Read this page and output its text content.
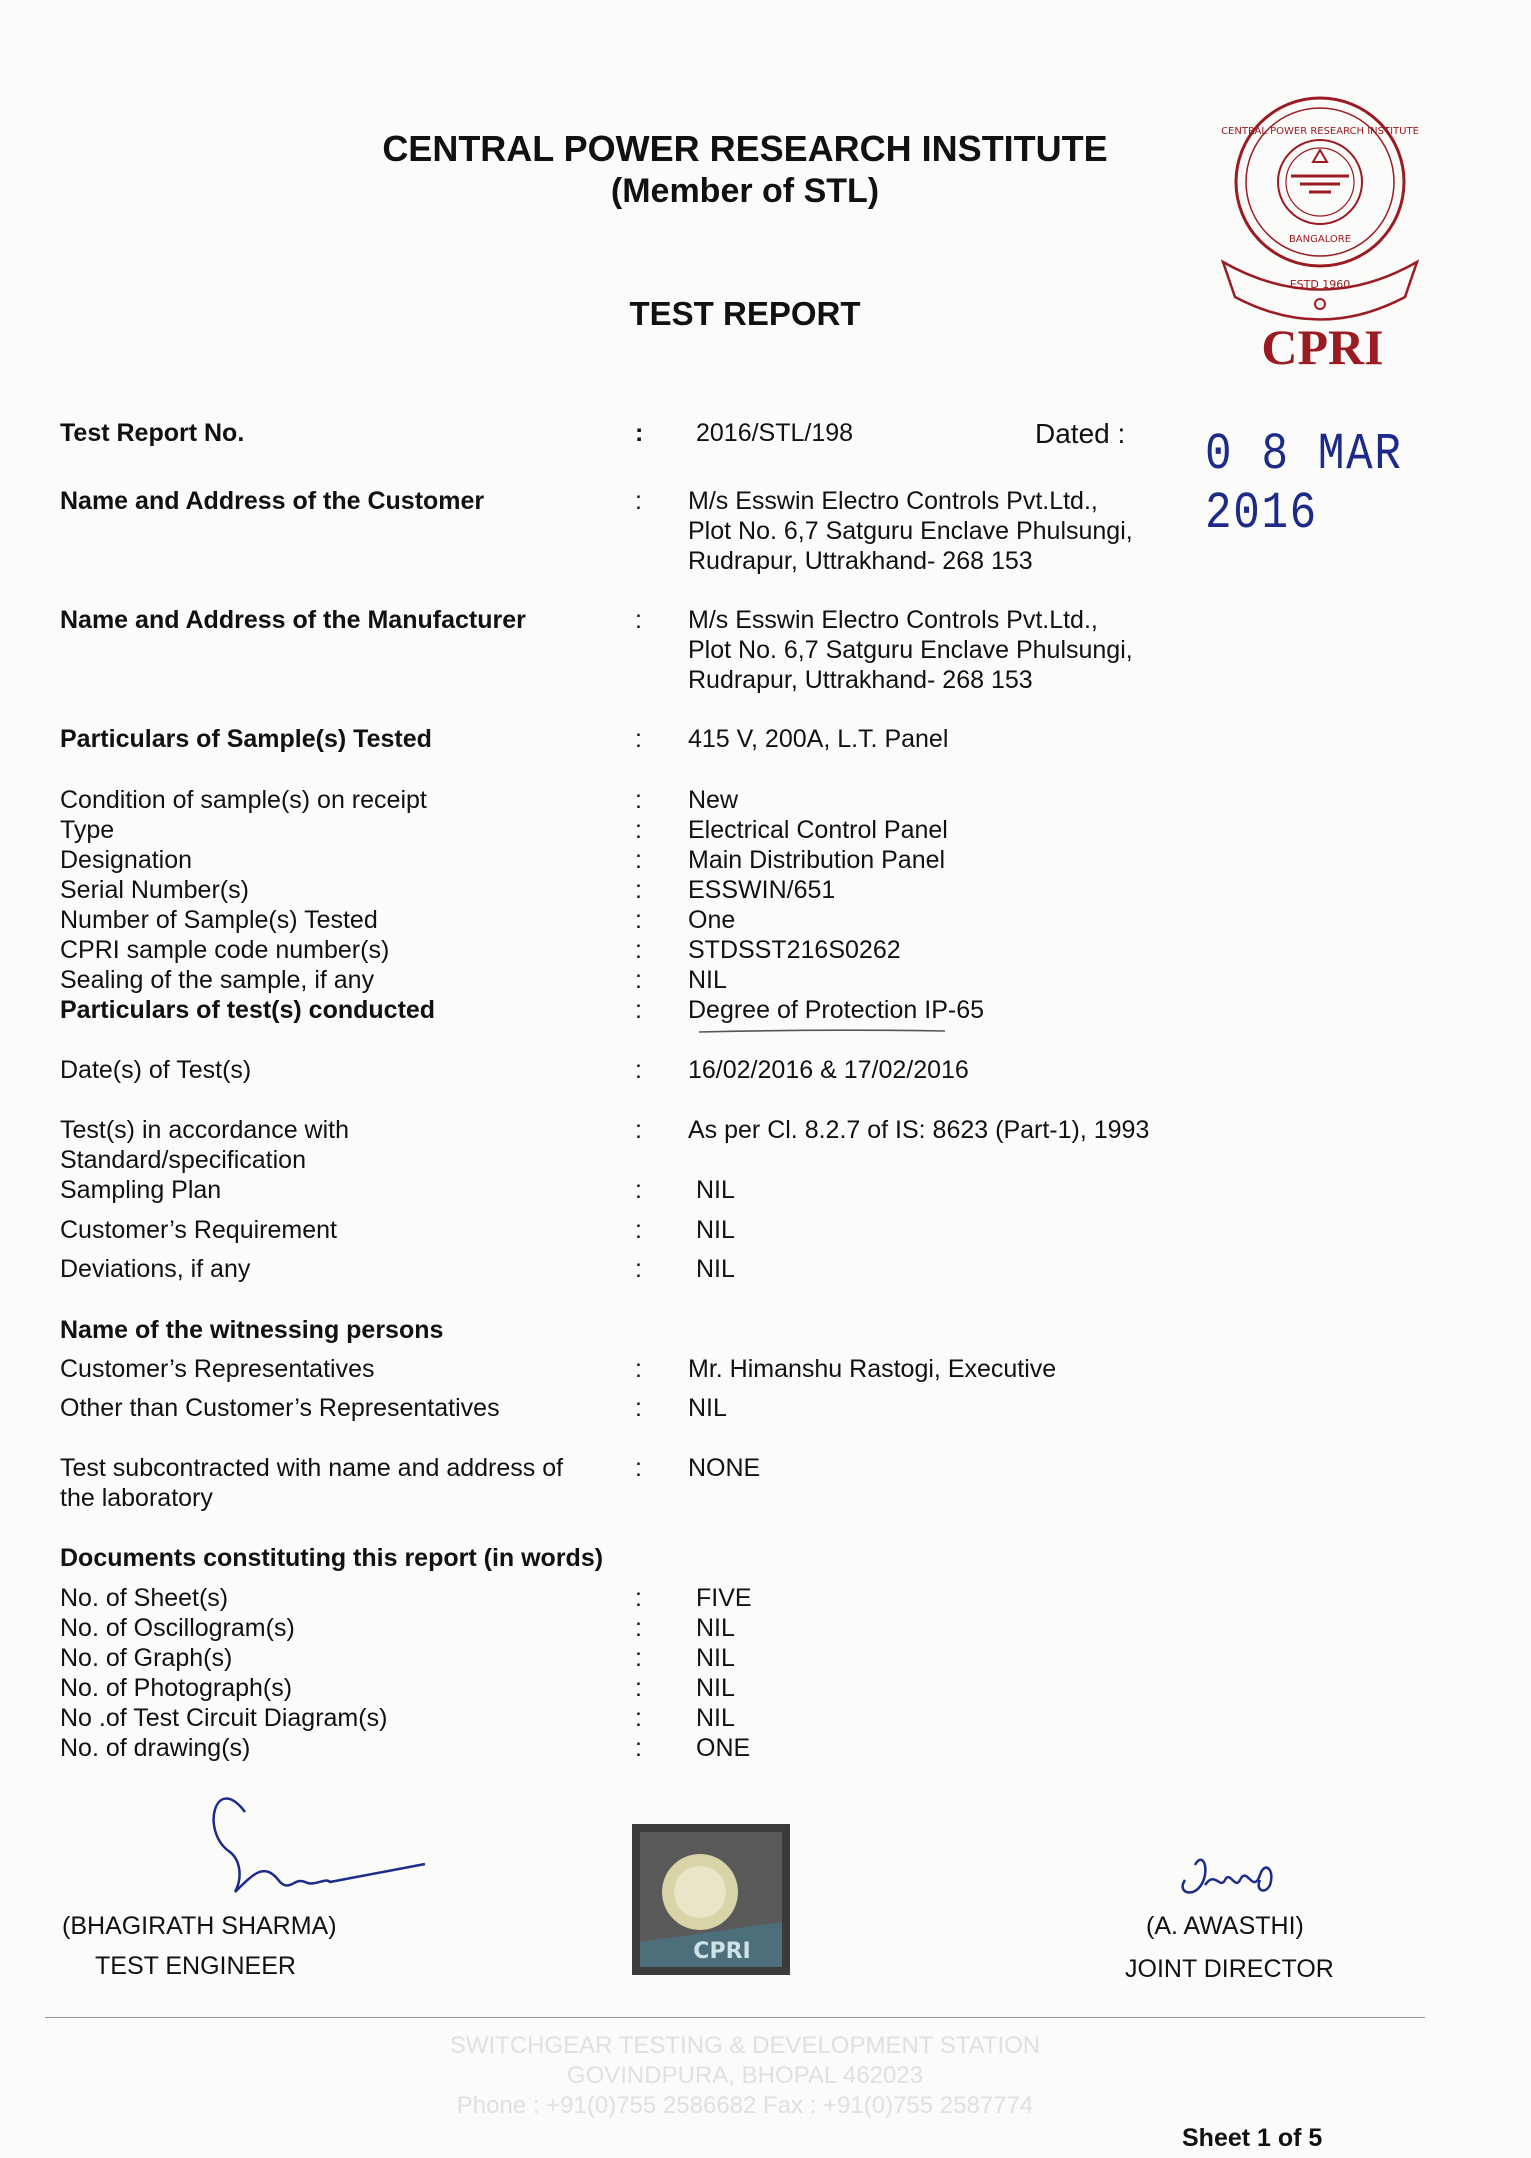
CENTRAL POWER RESEARCH INSTITUTE
(Member of STL)
TEST REPORT
CENTRAL POWER RESEARCH INSTITUTE
BANGALORE
ESTD 1960
CPRI
Test Report No.	:	2016/STL/198	Dated : 0 8 MAR 2016
Name and Address of the Customer	:	M/s Esswin Electro Controls Pvt.Ltd.,
Plot No. 6,7 Satguru Enclave Phulsungi,
Rudrapur, Uttrakhand- 268 153
Name and Address of the Manufacturer	:	M/s Esswin Electro Controls Pvt.Ltd.,
Plot No. 6,7 Satguru Enclave Phulsungi,
Rudrapur, Uttrakhand- 268 153
Particulars of Sample(s) Tested	:	415 V, 200A, L.T. Panel
Condition of sample(s) on receipt	:	New
Type	:	Electrical Control Panel
Designation	:	Main Distribution Panel
Serial Number(s)	:	ESSWIN/651
Number of Sample(s) Tested	:	One
CPRI sample code number(s)	:	STDSST216S0262
Sealing of the sample, if any	:	NIL
Particulars of test(s) conducted	:	Degree of Protection IP-65
Date(s) of Test(s)	:	16/02/2016 & 17/02/2016
Test(s) in accordance with
Standard/specification
:	As per Cl. 8.2.7 of IS: 8623 (Part-1), 1993
Sampling Plan	:	NIL
Customer’s Requirement	:	NIL
Deviations, if any	:	NIL
Name of the witnessing persons
Customer’s Representatives	:	Mr. Himanshu Rastogi, Executive
Other than Customer’s Representatives	:	NIL
Test subcontracted with name and address of
the laboratory
:	NONE
Documents constituting this report (in words)
No. of Sheet(s)	:	FIVE
No. of Oscillogram(s)	:	NIL
No. of Graph(s)	:	NIL
No. of Photograph(s)	:	NIL
No .of Test Circuit Diagram(s)	:	NIL
No. of drawing(s)	:	ONE
(BHAGIRATH SHARMA)
TEST ENGINEER
CPRI
(A. AWASTHI)
JOINT DIRECTOR
SWITCHGEAR TESTING & DEVELOPMENT STATION
GOVINDPURA, BHOPAL 462023
Phone : +91(0)755 2586682 Fax : +91(0)755 2587774
Sheet 1 of 5
